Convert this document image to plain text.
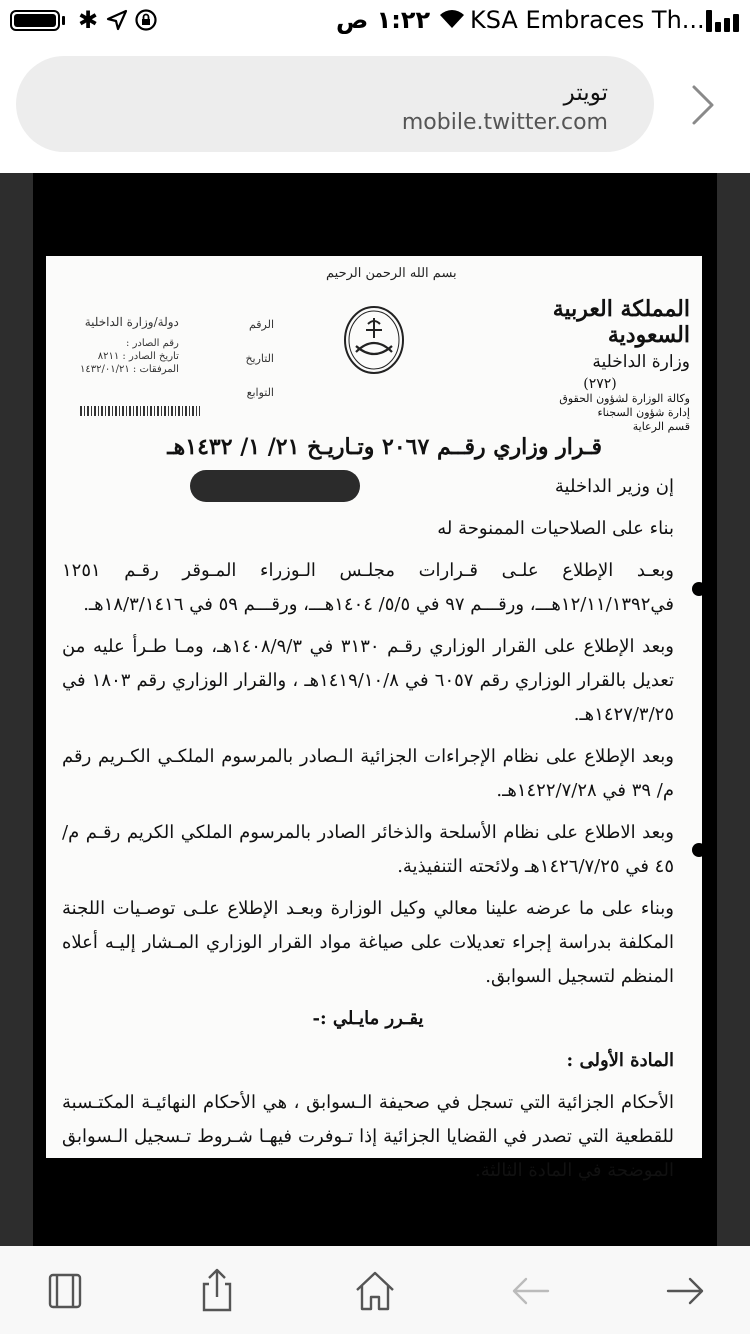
✱	١:٢٢ ص KSA Embraces Th...
تويتر
mobile.twitter.com
بسم الله الرحمن الرحيم
المملكة العربية السعودية
وزارة الداخلية
(٢٧٢)
وكالة الوزارة لشؤون الحقوق
إدارة شؤون السجناء
قسم الرعاية
الرقم
التاريخ
التوابع
دولة/وزارة الداخلية
رقم الصادر :
تاريخ الصادر : ٨٢١١
المرفقات : ١٤٣٢/٠١/٢١
قـرار وزاري رقــم ٢٠٦٧ وتـاريـخ ٢١/ ١/ ١٤٣٢هـ

إن وزير الداخلية

بناء على الصلاحيات الممنوحة له

وبعـد الإطلاع علـى قـرارات مجلـس الـوزراء المـوقر رقـم ١٢٥١ في١٢/١١/١٣٩٢هـــ، ورقـــم ٩٧ في ٥/٥/ ١٤٠٤هـــ، ورقـــم ٥٩ في ١٨/٣/١٤١٦هـ.

وبعد الإطلاع على القرار الوزاري رقـم ٣١٣٠ في ١٤٠٨/٩/٣هـ، ومـا طـرأ عليه من تعديل بالقرار الوزاري رقم ٦٠٥٧ في ١٤١٩/١٠/٨هـ ، والقرار الوزاري رقم ١٨٠٣ في ١٤٢٧/٣/٢٥هـ.

وبعد الإطلاع على نظام الإجراءات الجزائية الـصادر بالمرسوم الملكـي الكـريم رقم م/ ٣٩ في ١٤٢٢/٧/٢٨هـ.

وبعد الاطلاع على نظام الأسلحة والذخائر الصادر بالمرسوم الملكي الكريم رقـم م/٤٥ في ١٤٢٦/٧/٢٥هـ ولائحته التنفيذية.

وبناء على ما عرضه علينا معالي وكيل الوزارة وبعـد الإطلاع علـى توصـيات اللجنة المكلفة بدراسة إجراء تعديلات على صياغة مواد القرار الوزاري المـشار إليـه أعلاه المنظم لتسجيل السوابق.

يقـرر مايـلي :-

المادة الأولى :

الأحكام الجزائية التي تسجل في صحيفة الـسوابق ، هي الأحكام النهائيـة المكتـسبة للقطعية التي تصدر في القضايا الجزائية إذا تـوفرت فيهـا شـروط تـسجيل الـسوابق الموضحة في المادة الثالثة.
